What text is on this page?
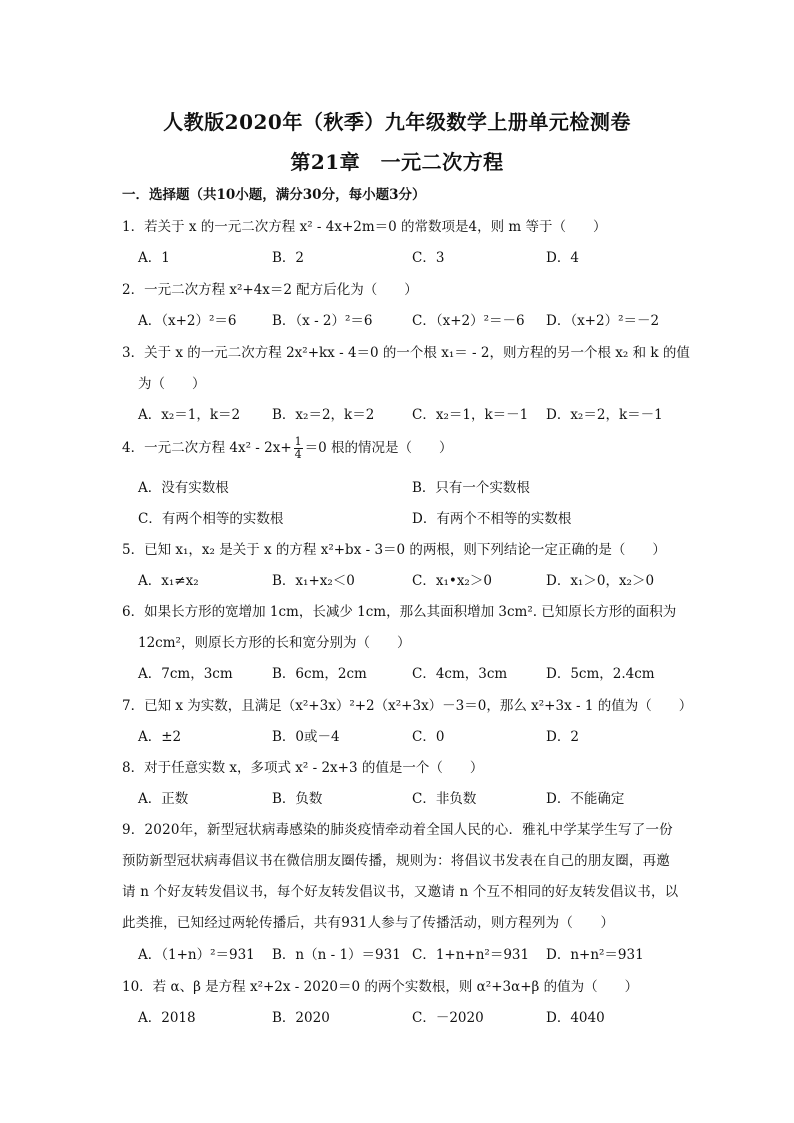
人教版2020年（秋季）九年级数学上册单元检测卷
第21章　一元二次方程
一．选择题（共10小题，满分30分，每小题3分）
1．若关于 x 的一元二次方程 x² - 4x+2m＝0 的常数项是4，则 m 等于（　　）
A．1	B．2	C．3	D．4
2．一元二次方程 x²+4x＝2 配方后化为（　　）
A．（x+2）²＝6	B．（x - 2）²＝6	C．（x+2）²＝－6 D．（x+2）²＝－2
3．关于 x 的一元二次方程 2x²+kx - 4＝0 的一个根 x₁＝ - 2，则方程的另一个根 x₂ 和 k 的值
为（　　）
A．x₂＝1，k＝2 B．x₂＝2，k＝2	C．x₂＝1，k＝－1 D．x₂＝2，k＝－1
4．一元二次方程 $4x^2 - 2x+ \frac{1}{4} =0$ 根的情况是（　　）
A．没有实数根	B．只有一个实数根
C．有两个相等的实数根	D．有两个不相等的实数根
5．已知 x₁，x₂ 是关于 x 的方程 x²+bx - 3＝0 的两根，则下列结论一定正确的是（　　）
A．x₁≠x₂	B．x₁+x₂＜0	C．x₁•x₂＞0	D．x₁＞0，x₂＞0
6．如果长方形的宽增加 1cm，长减少 1cm，那么其面积增加 3cm². 已知原长方形的面积为
12cm²，则原长方形的长和宽分别为（　　）
A．7cm，3cm	B．6cm，2cm	C．4cm，3cm	D．5cm，2.4cm
7．已知 x 为实数，且满足（x²+3x）²+2（x²+3x）－3＝0，那么 x²+3x - 1 的值为（　　）
A．±2	B．0或－4	C．0	D．2
8．对于任意实数 x，多项式 x² - 2x+3 的值是一个（　　）
A．正数	B．负数	C．非负数	D．不能确定
9．2020年，新型冠状病毒感染的肺炎疫情牵动着全国人民的心．雅礼中学某学生写了一份预防新型冠状病毒倡议书在微信朋友圈传播，规则为：将倡议书发表在自己的朋友圈，再邀请 n 个好友转发倡议书，每个好友转发倡议书，又邀请 n 个互不相同的好友转发倡议书，以此类推，已知经过两轮传播后，共有931人参与了传播活动，则方程列为（　　）
A．（1+n）²＝931 B．n（n - 1）＝931 C．1+n+n²＝931 D．n+n²＝931
10．若 α、β 是方程 x²+2x - 2020＝0 的两个实数根，则 α²+3α+β 的值为（　　）
A．2018	B．2020	C．－2020	D．4040
